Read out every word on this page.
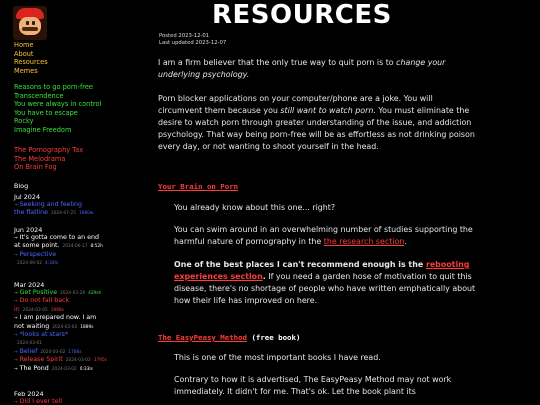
Home
About
Resources
Memes
Reasons to go porn-free
Transcendence
You were always in control
You have to escape
Rocky
Imagine Freedom
The Pornography Tax
The Melodrama
On Brain Fog
Blog
Jul 2024
→ Seeking and feeling
the flatline 2024-07-25 1960w
Jun 2024
→ It's gotta come to an end
at some point. 2024-06-17 8:52h
→ Perspective
2024-06-02 4:34ls
Mar 2024
→ Get Positive 2024-03-26 429sh
→ Do not fall back
in 2024-03-05 1968s
→ I am prepared now. I am
not waiting 2024-03-02 1889s
→ *looks at stars*
2024-03-01
→ Belief 2024-03-02 1786s
→ Release Spirit 2024-03-02 1795s
→ The Pond 2024-03-02 0:33ls
Feb 2024
→ Did I ever tell
RESOURCES
Posted 2023-12-01
Last updated 2023-12-07

I am a firm believer that the only true way to quit porn is to change your underlying psychology.

Porn blocker applications on your computer/phone are a joke. You will circumvent them because you still want to watch porn. You must eliminate the desire to watch porn through greater understanding of the issue, and addiction psychology. That way being porn-free will be as effortless as not drinking poison every day, or not wanting to shoot yourself in the head.

Your Brain on Porn

You already know about this one... right?

You can swim around in an overwhelming number of studies supporting the harmful nature of pornography in the the research section.

One of the best places I can't recommend enough is the rebooting experiences section. If you need a garden hose of motivation to quit this disease, there's no shortage of people who have written emphatically about how their life has improved on here.

The EasyPeasy Method (free book)

This is one of the most important books I have read.

Contrary to how it is advertised, The EasyPeasy Method may not work immediately. It didn't for me. That's ok. Let the book plant its
